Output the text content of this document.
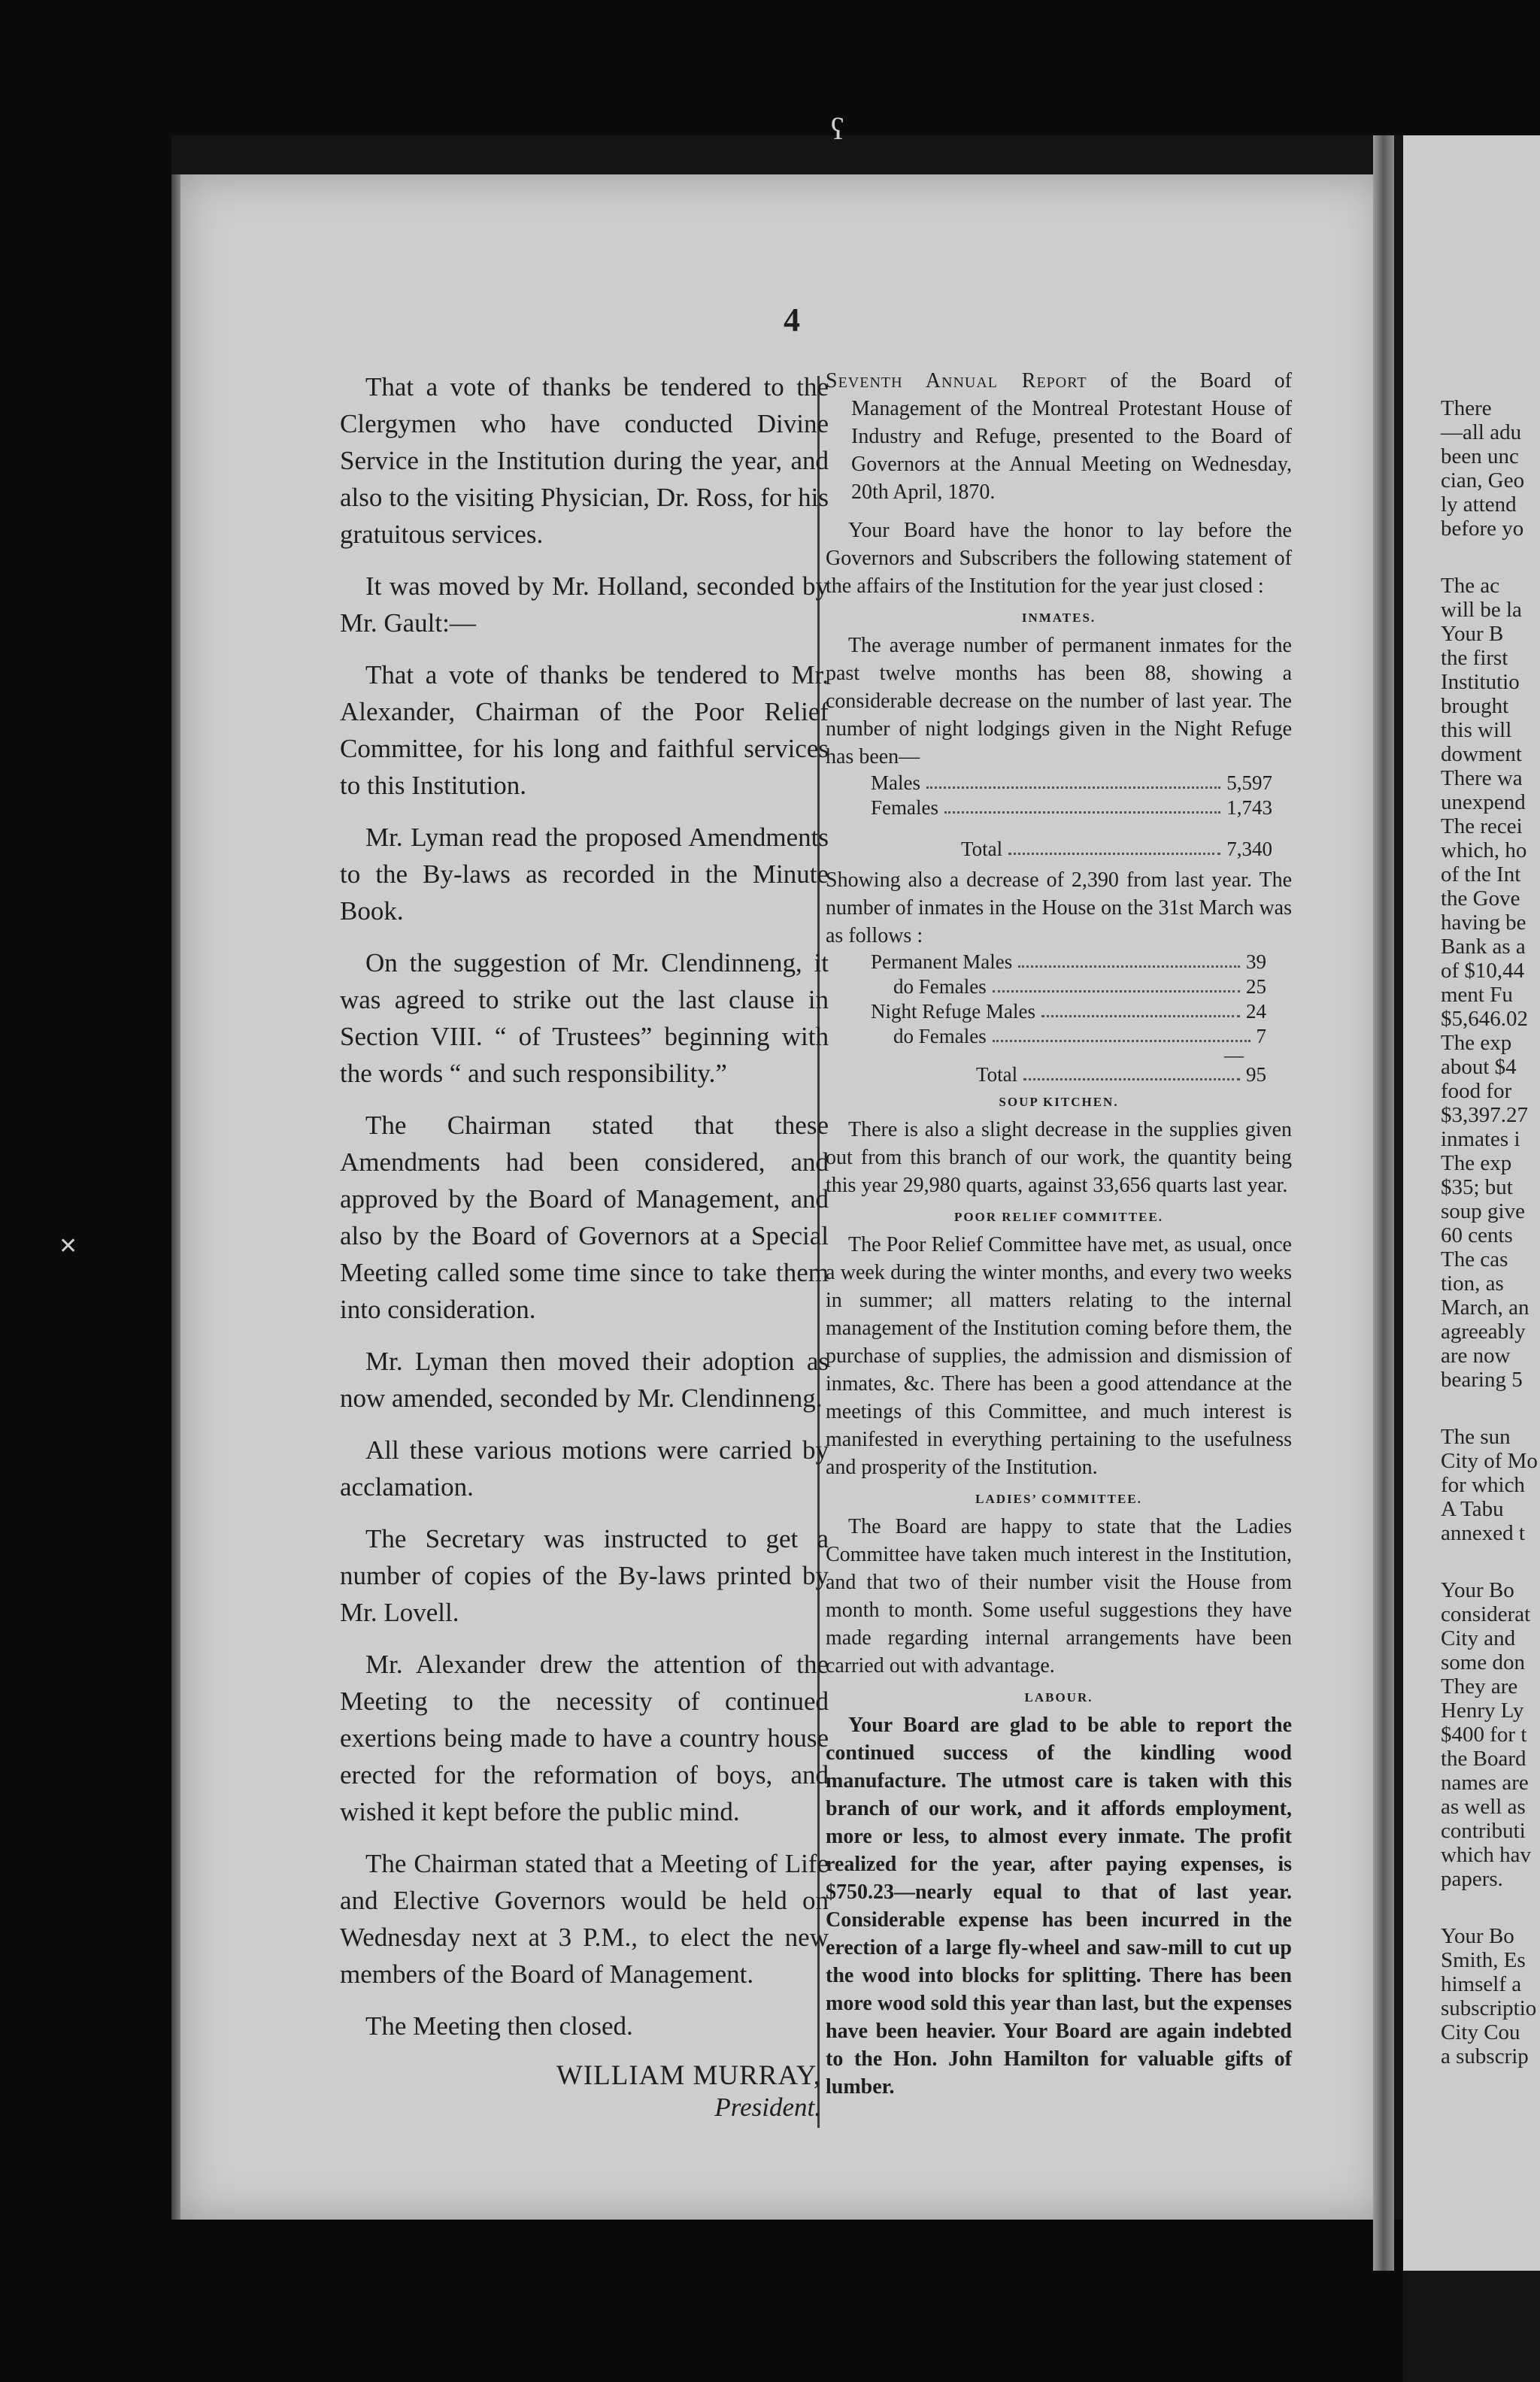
ʕ
✕
There
—all adu
been unc
cian, Geo
ly attend
before yo
The ac
will be la
Your B
the first
Institutio
brought
this will
dowment
There wa
unexpend
The recei
which, ho
of the Int
the Gove
having be
Bank as a
of $10,44
ment Fu
$5,646.02
The exp
about $4
food for
$3,397.27
inmates i
The exp
$35; but
soup give
60 cents
The cas
tion, as
March, an
agreeably
are now
bearing 5
The sun
City of Mo
for which
A Tabu
annexed t
Your Bo
considerat
City and
some don
They are
Henry Ly
$400 for t
the Board
names are
as well as
contributi
which hav
papers.
Your Bo
Smith, Es
himself a
subscriptio
City Cou
a subscrip
4

That a vote of thanks be tendered to the Clergymen who have conducted Divine Service in the Institution during the year, and also to the visiting Physician, Dr. Ross, for his gratuitous services.

It was moved by Mr. Holland, seconded by Mr. Gault:—

That a vote of thanks be tendered to Mr. Alexander, Chairman of the Poor Relief Committee, for his long and faithful services to this Institution.

Mr. Lyman read the proposed Amendments to the By-laws as recorded in the Minute Book.

On the suggestion of Mr. Clendinneng, it was agreed to strike out the last clause in Section VIII. “ of Trustees” beginning with the words “ and such responsibility.”

The Chairman stated that these Amendments had been considered, and approved by the Board of Management, and also by the Board of Governors at a Special Meeting called some time since to take them into consideration.

Mr. Lyman then moved their adoption as now amended, seconded by Mr. Clendinneng.

All these various motions were carried by acclamation.

The Secretary was instructed to get a number of copies of the By-laws printed by Mr. Lovell.

Mr. Alexander drew the attention of the Meeting to the necessity of continued exertions being made to have a country house erected for the reformation of boys, and wished it kept before the public mind.

The Chairman stated that a Meeting of Life and Elective Governors would be held on Wednesday next at 3 P.M., to elect the new members of the Board of Management.

The Meeting then closed.

WILLIAM MURRAY,
President.

Seventh Annual Report of the Board of Management of the Montreal Protestant House of Industry and Refuge, presented to the Board of Governors at the Annual Meeting on Wednesday, 20th April, 1870.

Your Board have the honor to lay before the Governors and Subscribers the following statement of the affairs of the Institution for the year just closed :

INMATES.

The average number of permanent inmates for the past twelve months has been 88, showing a considerable decrease on the number of last year. The number of night lodgings given in the Night Refuge has been—

Males	5,597
Females	1,743
Total	7,340

Showing also a decrease of 2,390 from last year. The number of inmates in the House on the 31st March was as follows :

Permanent Males	39
do Females	25
Night Refuge Males	24
do Females	7
—
Total	95
SOUP KITCHEN.

There is also a slight decrease in the supplies given out from this branch of our work, the quantity being this year 29,980 quarts, against 33,656 quarts last year.

POOR RELIEF COMMITTEE.

The Poor Relief Committee have met, as usual, once a week during the winter months, and every two weeks in summer; all matters relating to the internal management of the Institution coming before them, the purchase of supplies, the admission and dismission of inmates, &c. There has been a good attendance at the meetings of this Committee, and much interest is manifested in everything pertaining to the usefulness and prosperity of the Institution.

LADIES’ COMMITTEE.

The Board are happy to state that the Ladies Committee have taken much interest in the Institution, and that two of their number visit the House from month to month. Some useful suggestions they have made regarding internal arrangements have been carried out with advantage.

LABOUR.

Your Board are glad to be able to report the continued success of the kindling wood manufacture. The utmost care is taken with this branch of our work, and it affords employment, more or less, to almost every inmate. The profit realized for the year, after paying expenses, is $750.23—nearly equal to that of last year. Considerable expense has been incurred in the erection of a large fly-wheel and saw-mill to cut up the wood into blocks for splitting. There has been more wood sold this year than last, but the expenses have been heavier. Your Board are again indebted to the Hon. John Hamilton for valuable gifts of lumber.
